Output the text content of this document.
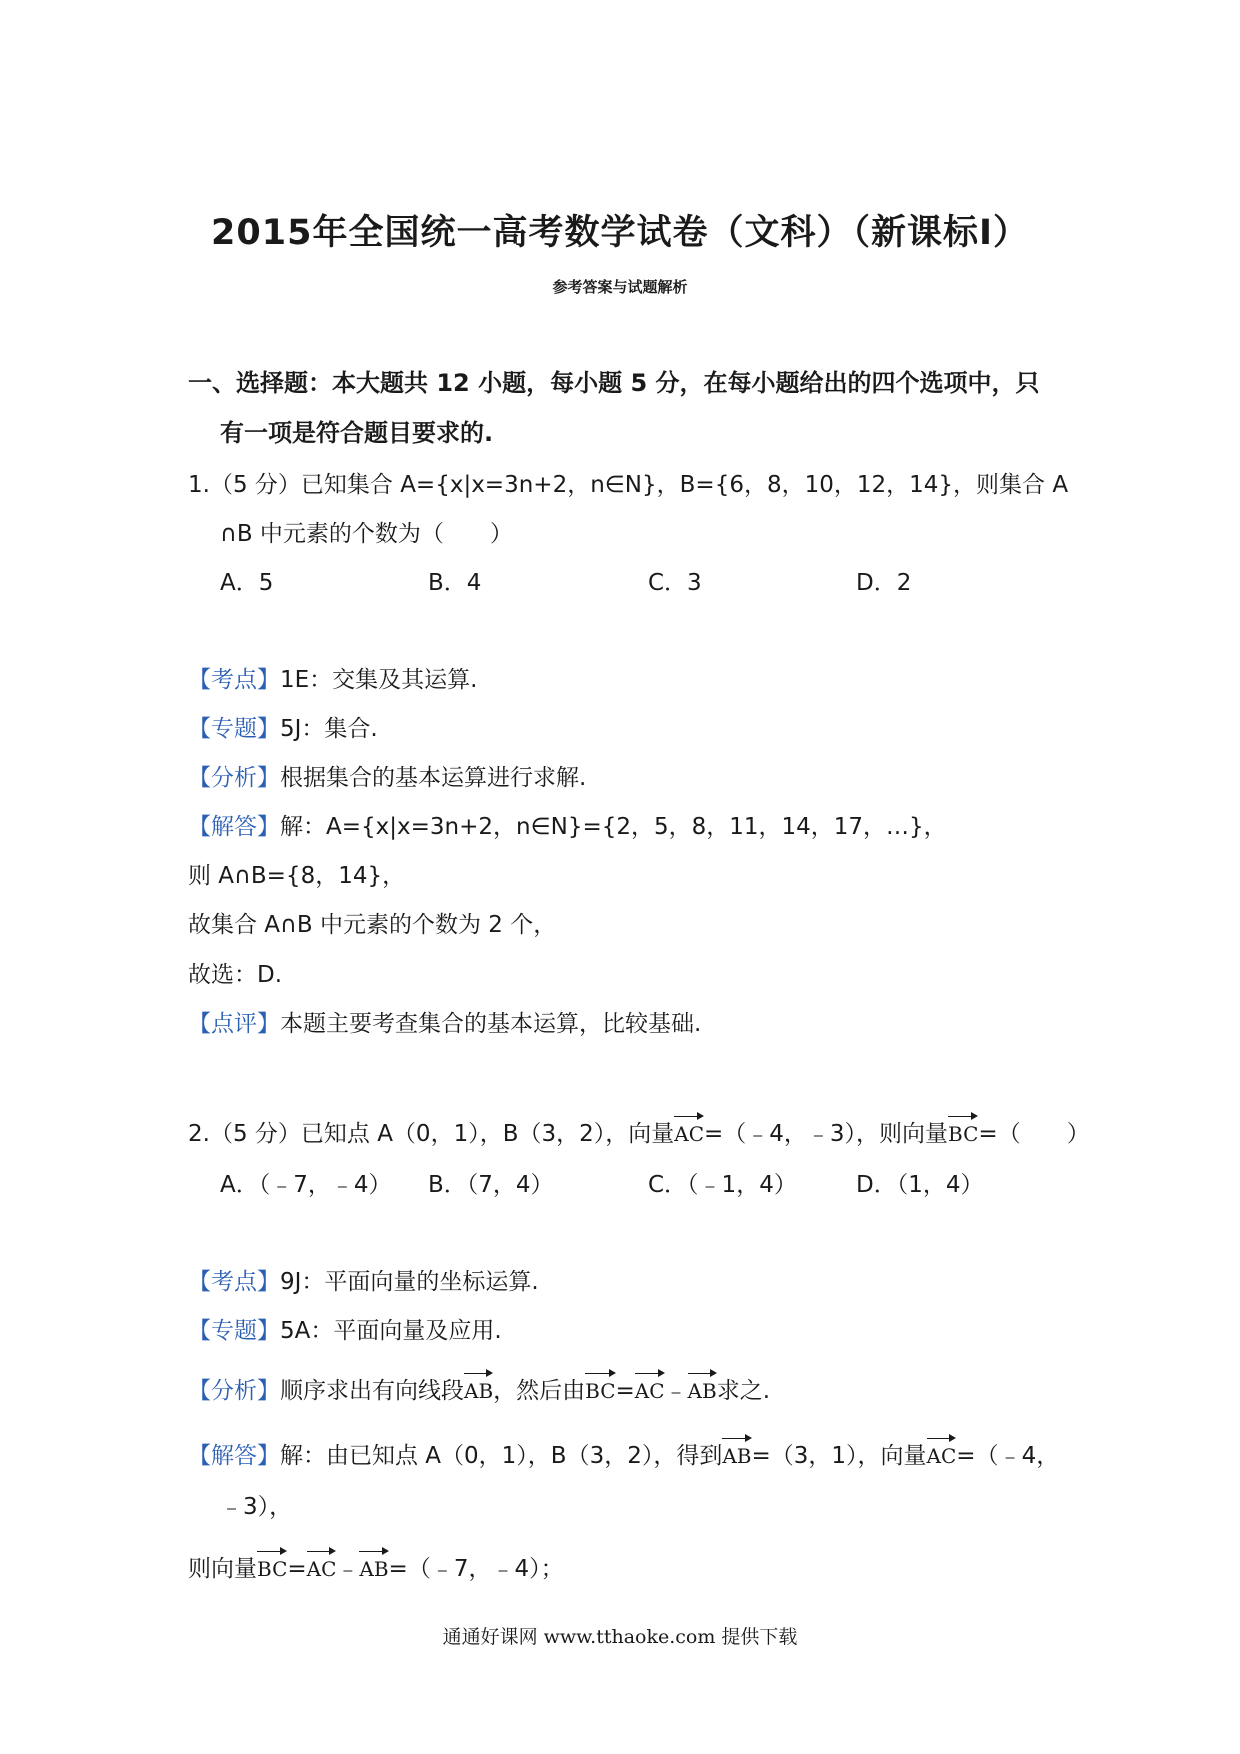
2015年全国统一高考数学试卷（文科）（新课标Ⅰ）
参考答案与试题解析
一、选择题：本大题共 12 小题，每小题 5 分，在每小题给出的四个选项中，只
有一项是符合题目要求的.
1.（5 分）已知集合 A={x|x=3n+2，n∈N}，B={6，8，10，12，14}，则集合 A
∩B 中元素的个数为（　　）
A．5	B．4	C．3	D．2
【考点】1E：交集及其运算.
【专题】5J：集合.
【分析】根据集合的基本运算进行求解.
【解答】解：A={x|x=3n+2，n∈N}={2，5，8，11，14，17，…}，
则 A∩B={8，14}，
故集合 A∩B 中元素的个数为 2 个，
故选：D.
【点评】本题主要考查集合的基本运算，比较基础.
2.（5 分）已知点 A（0，1），B（3，2），向量AC=（﹣4，﹣3），则向量BC=（　　）
A．（﹣7，﹣4） B．（7，4）	C．（﹣1，4）	D．（1，4）
【考点】9J：平面向量的坐标运算.
【专题】5A：平面向量及应用.
【分析】顺序求出有向线段AB，然后由BC=AC﹣AB求之.
【解答】解：由已知点 A（0，1），B（3，2），得到AB=（3，1），向量AC=（﹣4，
﹣3），
则向量BC=AC﹣AB=（﹣7，﹣4）；
通通好课网 www.tthaoke.com 提供下载
